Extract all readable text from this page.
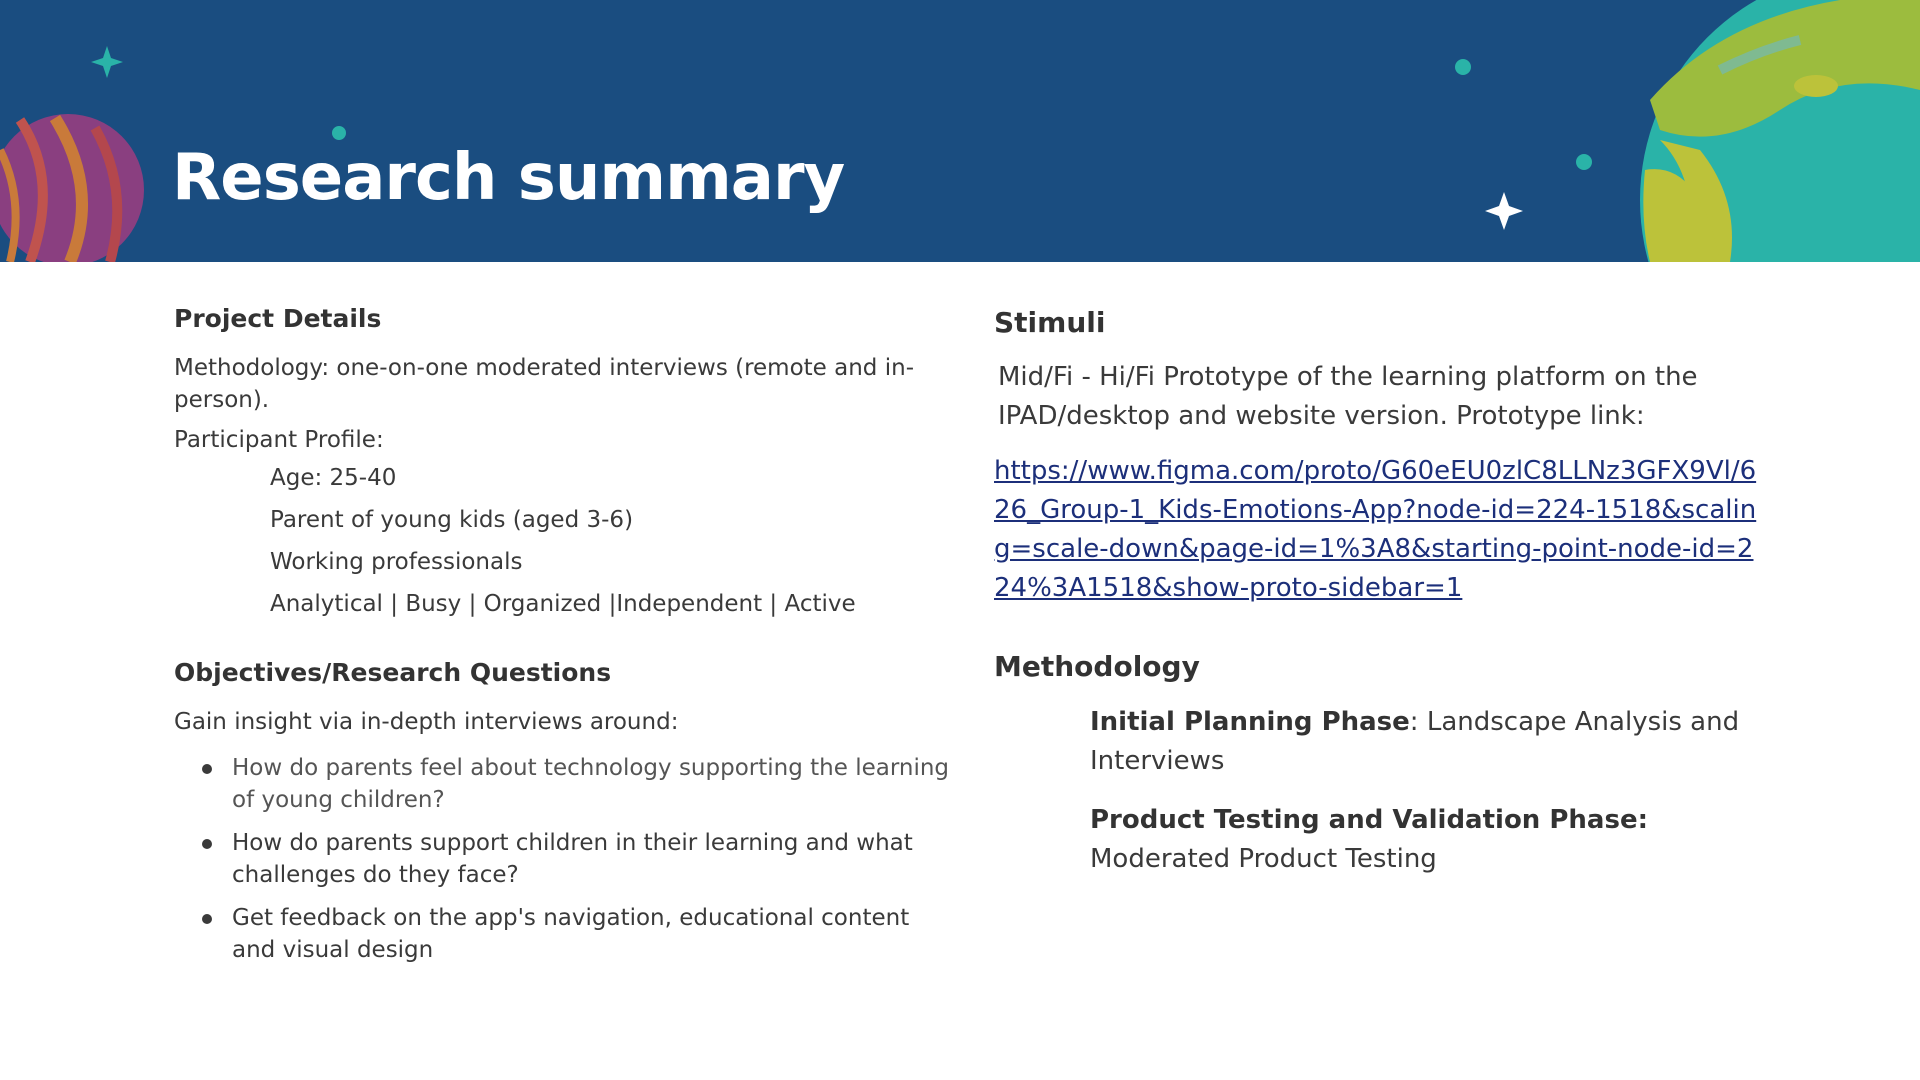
Research summary
Project Details

Methodology: one-on-one moderated interviews (remote and in-person).

Participant Profile:

Age: 25-40
Parent of young kids (aged 3-6)
Working professionals
Analytical | Busy | Organized |Independent | Active
Objectives/Research Questions

Gain insight via in-depth interviews around:

How do parents feel about technology supporting the learning of young children?
How do parents support children in their learning and what challenges do they face?
Get feedback on the app's navigation, educational content and visual design
Stimuli

Mid/Fi - Hi/Fi Prototype of the learning platform on the IPAD/desktop and website version. Prototype link:

https://www.figma.com/proto/G60eEU0zlC8LLNz3GFX9Vl/626_Group-1_Kids-Emotions-App?node-id=224-1518&scaling=scale-down&page-id=1%3A8&starting-point-node-id=224%3A1518&show-proto-sidebar=1
Methodology

Initial Planning Phase: Landscape Analysis and Interviews

Product Testing and Validation Phase: Moderated Product Testing
